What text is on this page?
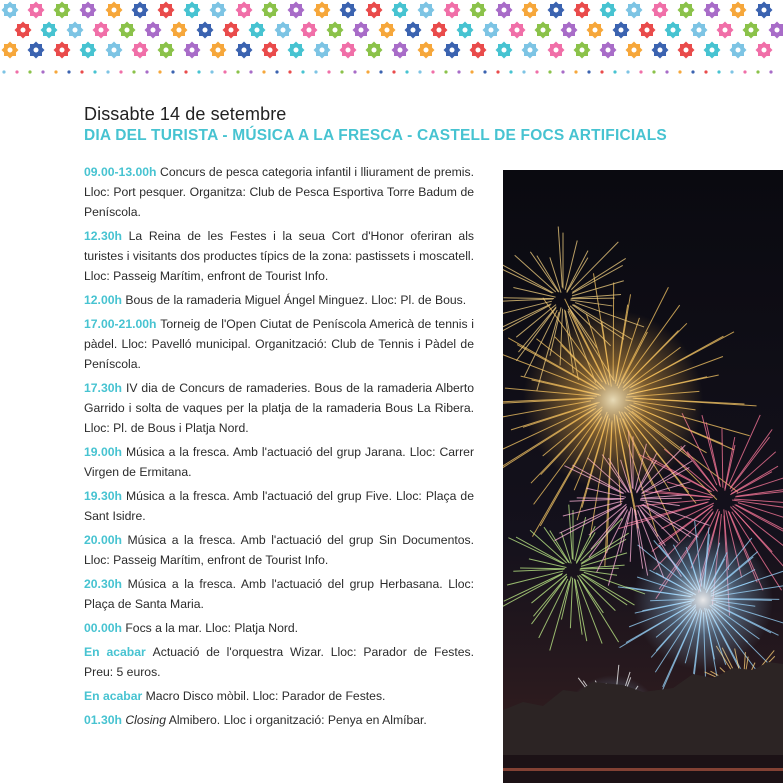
Dissabte 14 de setembre
DIA DEL TURISTA - MÚSICA A LA FRESCA - CASTELL DE FOCS ARTIFICIALS

09.00-13.00h Concurs de pesca categoria infantil i lliurament de premis. Lloc: Port pesquer. Organitza: Club de Pesca Esportiva Torre Badum de Peníscola.

12.30h La Reina de les Festes i la seua Cort d'Honor oferiran als turistes i visitants dos productes típics de la zona: pastissets i moscatell. Lloc: Passeig Marítim, enfront de Tourist Info.

12.00h Bous de la ramaderia Miguel Ángel Minguez. Lloc: Pl. de Bous.

17.00-21.00h Torneig de l'Open Ciutat de Peníscola Americà de tennis i pàdel. Lloc: Pavelló municipal. Organització: Club de Tennis i Pàdel de Peníscola.

17.30h IV dia de Concurs de ramaderies. Bous de la ramaderia Alberto Garrido i solta de vaques per la platja de la ramaderia Bous La Ribera. Lloc: Pl. de Bous i Platja Nord.

19.00h Música a la fresca. Amb l'actuació del grup Jarana. Lloc: Carrer Virgen de Ermitana.

19.30h Música a la fresca. Amb l'actuació del grup Five. Lloc: Plaça de Sant Isidre.

20.00h Música a la fresca. Amb l'actuació del grup Sin Documentos. Lloc: Passeig Marítim, enfront de Tourist Info.

20.30h Música a la fresca. Amb l'actuació del grup Herbasana. Lloc: Plaça de Santa Maria.

00.00h Focs a la mar. Lloc: Platja Nord.

En acabar Actuació de l'orquestra Wizar. Lloc: Parador de Festes. Preu: 5 euros.

En acabar Macro Disco mòbil. Lloc: Parador de Festes.

01.30h Closing Almibero. Lloc i organització: Penya en Almíbar.
